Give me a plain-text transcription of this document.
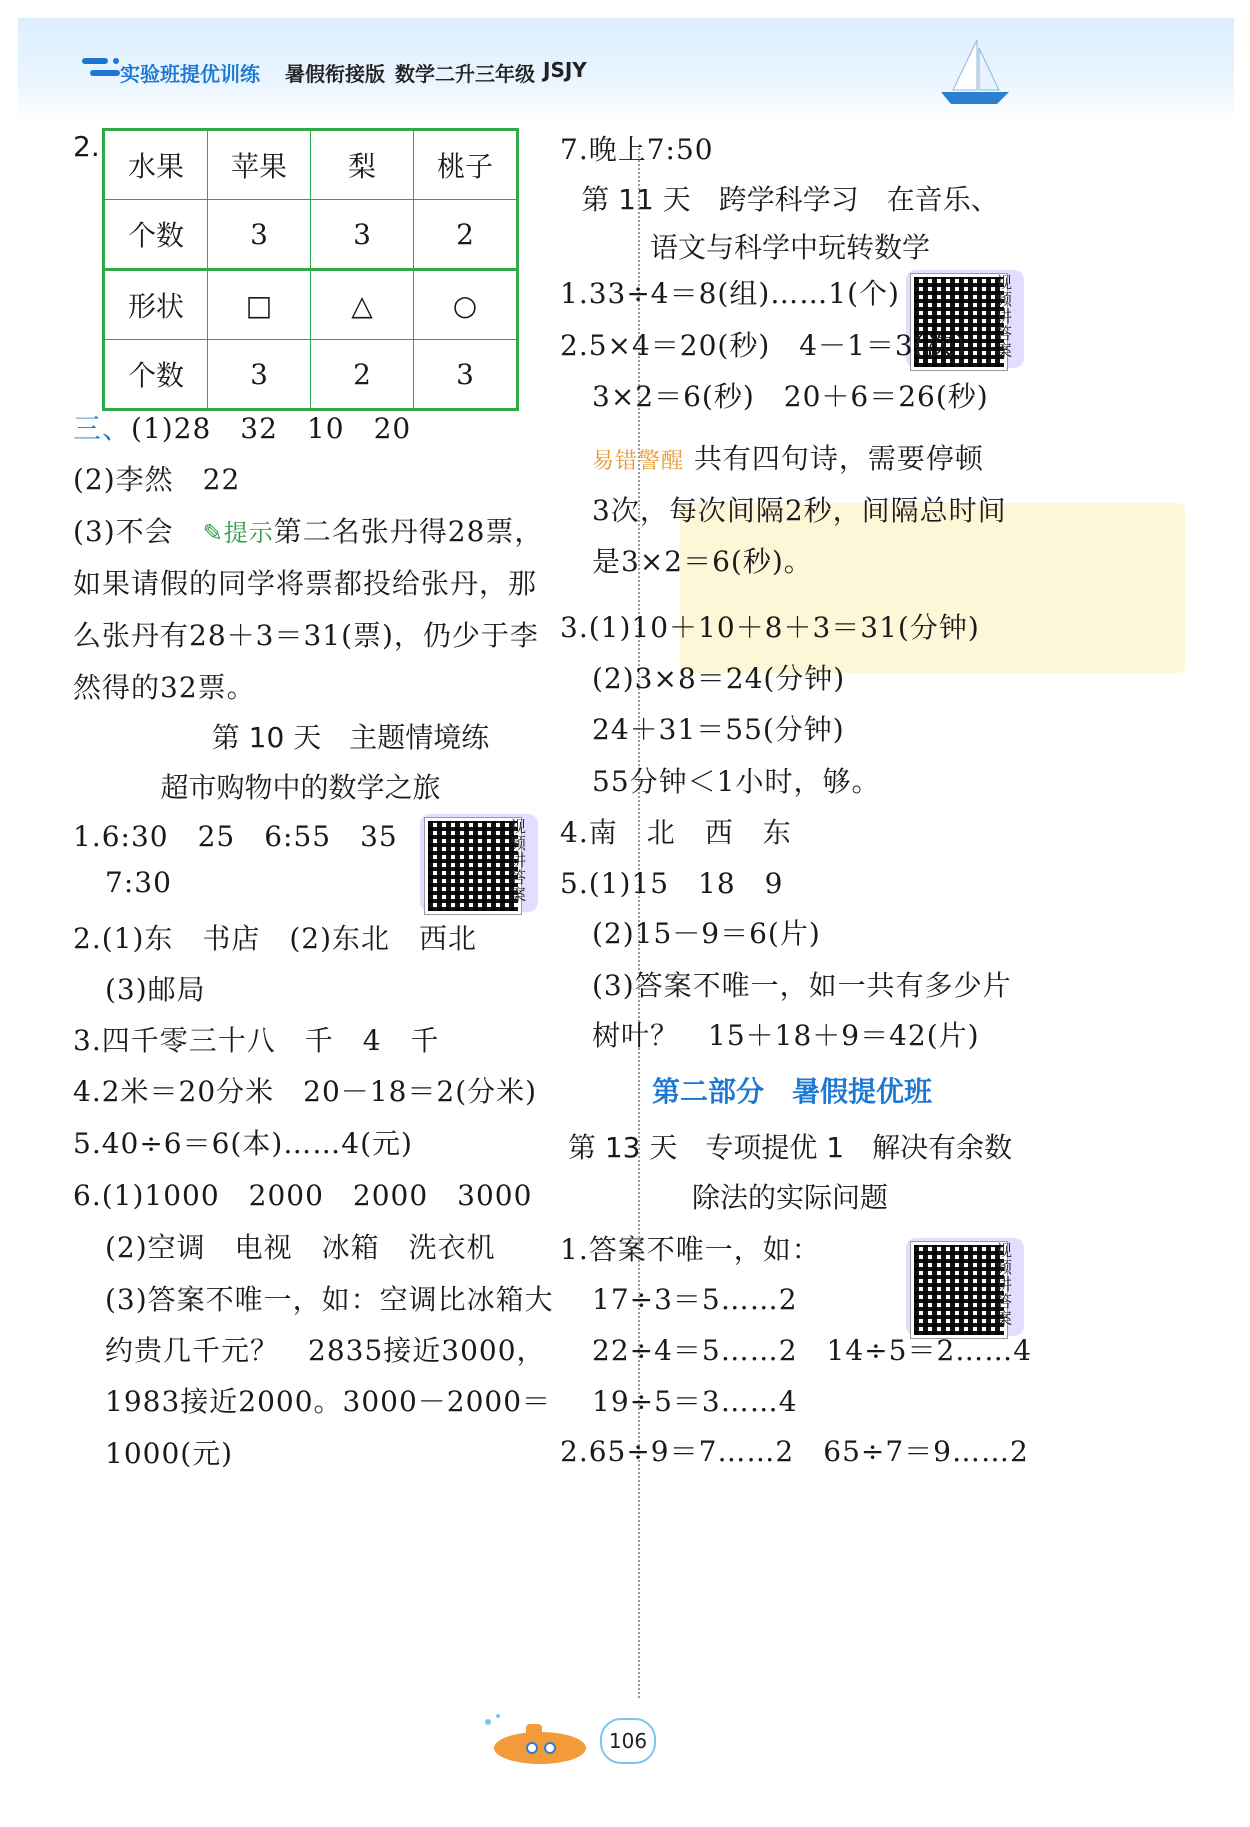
实验班提优训练 暑假衔接版 数学二升三年级 JSJY
2.
水果	苹果	梨	桃子
个数	3	3	2
形状	□	△	○
个数	3	2	3
三、(1)28　32　10　20
(2)李然　22
(3)不会　✎提示第二名张丹得28票，
如果请假的同学将票都投给张丹，那
么张丹有28＋3＝31(票)，仍少于李
然得的32票。
第 10 天　主题情境练
超市购物中的数学之旅
1.6:30　25　6:55　35
7:30
视频讲答案
2.(1)东　书店　(2)东北　西北
(3)邮局
3.四千零三十八　千　4　千
4.2米＝20分米　20－18＝2(分米)
5.40÷6＝6(本)……4(元)
6.(1)1000　2000　2000　3000
(2)空调　电视　冰箱　洗衣机
(3)答案不唯一，如：空调比冰箱大
约贵几千元？　2835接近3000，
1983接近2000。3000－2000＝
1000(元)
7.晚上7:50
第 11 天　跨学科学习　在音乐、
语文与科学中玩转数学
1.33÷4＝8(组)……1(个)	视频讲答案
2.5×4＝20(秒)　4－1＝3(次)
3×2＝6(秒)　20＋6＝26(秒)
易错警醒 共有四句诗，需要停顿
3次，每次间隔2秒，间隔总时间
是3×2＝6(秒)。
3.(1)10＋10＋8＋3＝31(分钟)
(2)3×8＝24(分钟)
24＋31＝55(分钟)
55分钟＜1小时，够。
4.南　北　西　东
5.(1)15　18　9
(2)15－9＝6(片)
(3)答案不唯一，如一共有多少片
树叶？　15＋18＋9＝42(片)
第二部分　暑假提优班
第 13 天　专项提优 1　解决有余数
除法的实际问题
1.答案不唯一，如：	视频讲答案
17÷3＝5……2
22÷4＝5……2　14÷5＝2……4
19÷5＝3……4
2.65÷9＝7……2　65÷7＝9……2
106
